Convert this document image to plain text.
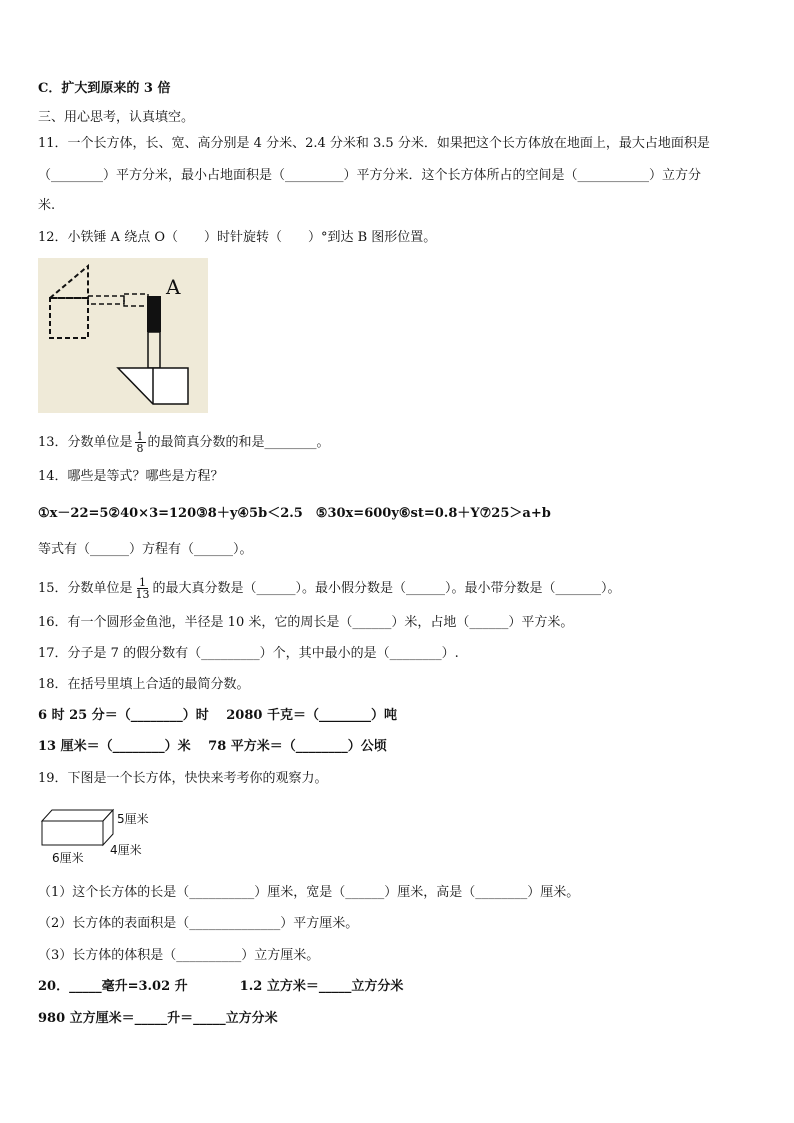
C．扩大到原来的 3 倍
三、用心思考，认真填空。
11．一个长方体，长、宽、高分别是 4 分米、2.4 分米和 3.5 分米．如果把这个长方体放在地面上，最大占地面积是
（________）平方分米，最小占地面积是（_________）平方分米．这个长方体所占的空间是（___________）立方分
米.
12．小铁锤 A 绕点 O（　　）时针旋转（　　）°到达 B 图形位置。
A
13．分数单位是 $\frac{1}{8}$ 的最简真分数的和是________。
14．哪些是等式？哪些是方程？
①x－22=5②40×3=120③8＋y④5b＜2.5　⑤30x=600y⑥st=0.8＋Y⑦25＞a+b
等式有（______）方程有（______）。
15．分数单位是 $\frac{1}{13}$ 的最大真分数是（______）。最小假分数是（______）。最小带分数是（_______）。
16．有一个圆形金鱼池，半径是 10 米，它的周长是（______）米，占地（______）平方米。
17．分子是 7 的假分数有（_________）个，其中最小的是（________）.
18．在括号里填上合适的最简分数。
6 时 25 分＝（________）时　 2080 千克＝（________）吨
13 厘米＝（________）米　 78 平方米＝（________）公顷
19．下图是一个长方体，快快来考考你的观察力。
5厘米
4厘米
6厘米
（1）这个长方体的长是（__________）厘米，宽是（______）厘米，高是（________）厘米。
（2）长方体的表面积是（______________）平方厘米。
（3）长方体的体积是（__________）立方厘米。
20．_____毫升=3.02 升　　　　1.2 立方米＝_____立方分米
980 立方厘米＝_____升＝_____立方分米
